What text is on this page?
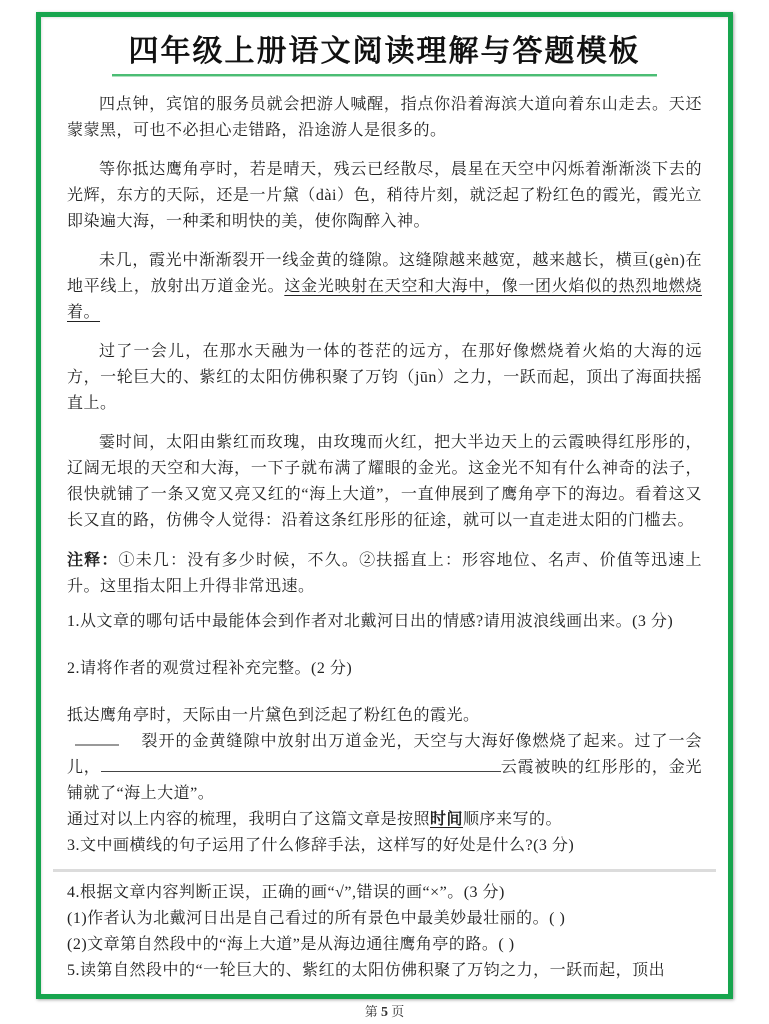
四年级上册语文阅读理解与答题模板

四点钟，宾馆的服务员就会把游人喊醒，指点你沿着海滨大道向着东山走去。天还蒙蒙黑，可也不必担心走错路，沿途游人是很多的。

等你抵达鹰角亭时，若是晴天，残云已经散尽，晨星在天空中闪烁着渐渐淡下去的光辉，东方的天际，还是一片黛（dài）色，稍待片刻，就泛起了粉红色的霞光，霞光立即染遍大海，一种柔和明快的美，使你陶醉入神。

未几，霞光中渐渐裂开一线金黄的缝隙。这缝隙越来越宽，越来越长，横亘(gèn)在地平线上，放射出万道金光。这金光映射在天空和大海中，像一团火焰似的热烈地燃烧着。

过了一会儿，在那水天融为一体的苍茫的远方，在那好像燃烧着火焰的大海的远方，一轮巨大的、紫红的太阳仿佛积聚了万钧（jūn）之力，一跃而起，顶出了海面扶摇直上。

霎时间，太阳由紫红而玫瑰，由玫瑰而火红，把大半边天上的云霞映得红彤彤的，辽阔无垠的天空和大海，一下子就布满了耀眼的金光。这金光不知有什么神奇的法子，很快就铺了一条又宽又亮又红的“海上大道”，一直伸展到了鹰角亭下的海边。看着这又长又直的路，仿佛令人觉得：沿着这条红彤彤的征途，就可以一直走进太阳的门槛去。

注释：①未几：没有多少时候，不久。②扶摇直上：形容地位、名声、价值等迅速上升。这里指太阳上升得非常迅速。

1.从文章的哪句话中最能体会到作者对北戴河日出的情感?请用波浪线画出来。(3 分)

2.请将作者的观赏过程补充完整。(2 分)

抵达鹰角亭时，天际由一片黛色到泛起了粉红色的霞光。

裂开的金黄缝隙中放射出万道金光，天空与大海好像燃烧了起来。过了一会儿，	云霞被映的红彤彤的，金光铺就了“海上大道”。

通过对以上内容的梳理，我明白了这篇文章是按照时间顺序来写的。

3.文中画横线的句子运用了什么修辞手法，这样写的好处是什么?(3 分)

4.根据文章内容判断正误，正确的画“√”,错误的画“×”。(3 分)

(1)作者认为北戴河日出是自己看过的所有景色中最美妙最壮丽的。( )

(2)文章第自然段中的“海上大道”是从海边通往鹰角亭的路。( )

5.读第自然段中的“一轮巨大的、紫红的太阳仿佛积聚了万钧之力，一跃而起，顶出

第 5 页
